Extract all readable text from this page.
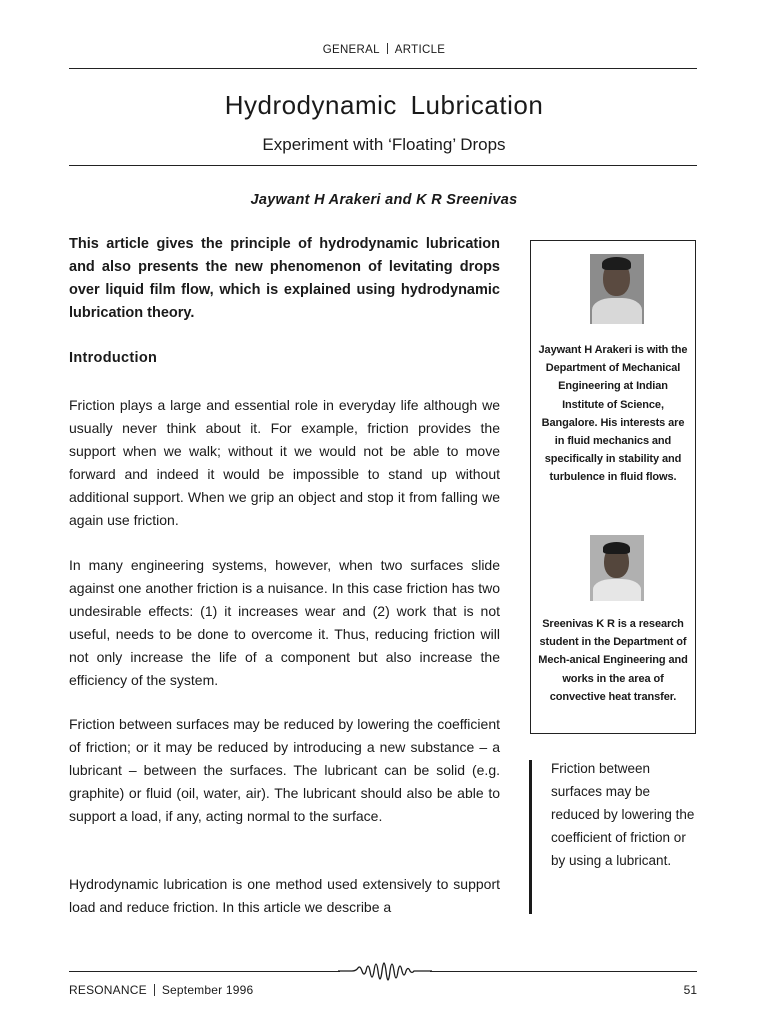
GENERAL ARTICLE
Hydrodynamic Lubrication
Experiment with ‘Floating’ Drops
Jaywant H Arakeri and K R Sreenivas
This article gives the principle of hydrodynamic lubrication and also presents the new phenomenon of levitating drops over liquid film flow, which is explained using hydrodynamic lubrication theory.
Introduction
Friction plays a large and essential role in everyday life although we usually never think about it. For example, friction provides the support when we walk; without it we would not be able to move forward and indeed it would be impossible to stand up without additional support. When we grip an object and stop it from falling we again use friction.
In many engineering systems, however, when two surfaces slide against one another friction is a nuisance. In this case friction has two undesirable effects: (1) it increases wear and (2) work that is not useful, needs to be done to overcome it. Thus, reducing friction will not only increase the life of a component but also increase the efficiency of the system.
Friction between surfaces may be reduced by lowering the coefficient of friction; or it may be reduced by introducing a new substance – a lubricant – between the surfaces. The lubricant can be solid (e.g. graphite) or fluid (oil, water, air). The lubricant should also be able to support a load, if any, acting normal to the surface.
Hydrodynamic lubrication is one method used extensively to support load and reduce friction. In this article we describe a
Jaywant H Arakeri is with the Department of Mechanical Engineering at Indian Institute of Science, Bangalore. His interests are in fluid mechanics and specifically in stability and turbulence in fluid flows.
Sreenivas K R is a research student in the Department of Mech-anical Engineering and works in the area of convective heat transfer.
Friction between surfaces may be reduced by lowering the coefficient of friction or by using a lubricant.
RESONANCE September 1996	51
